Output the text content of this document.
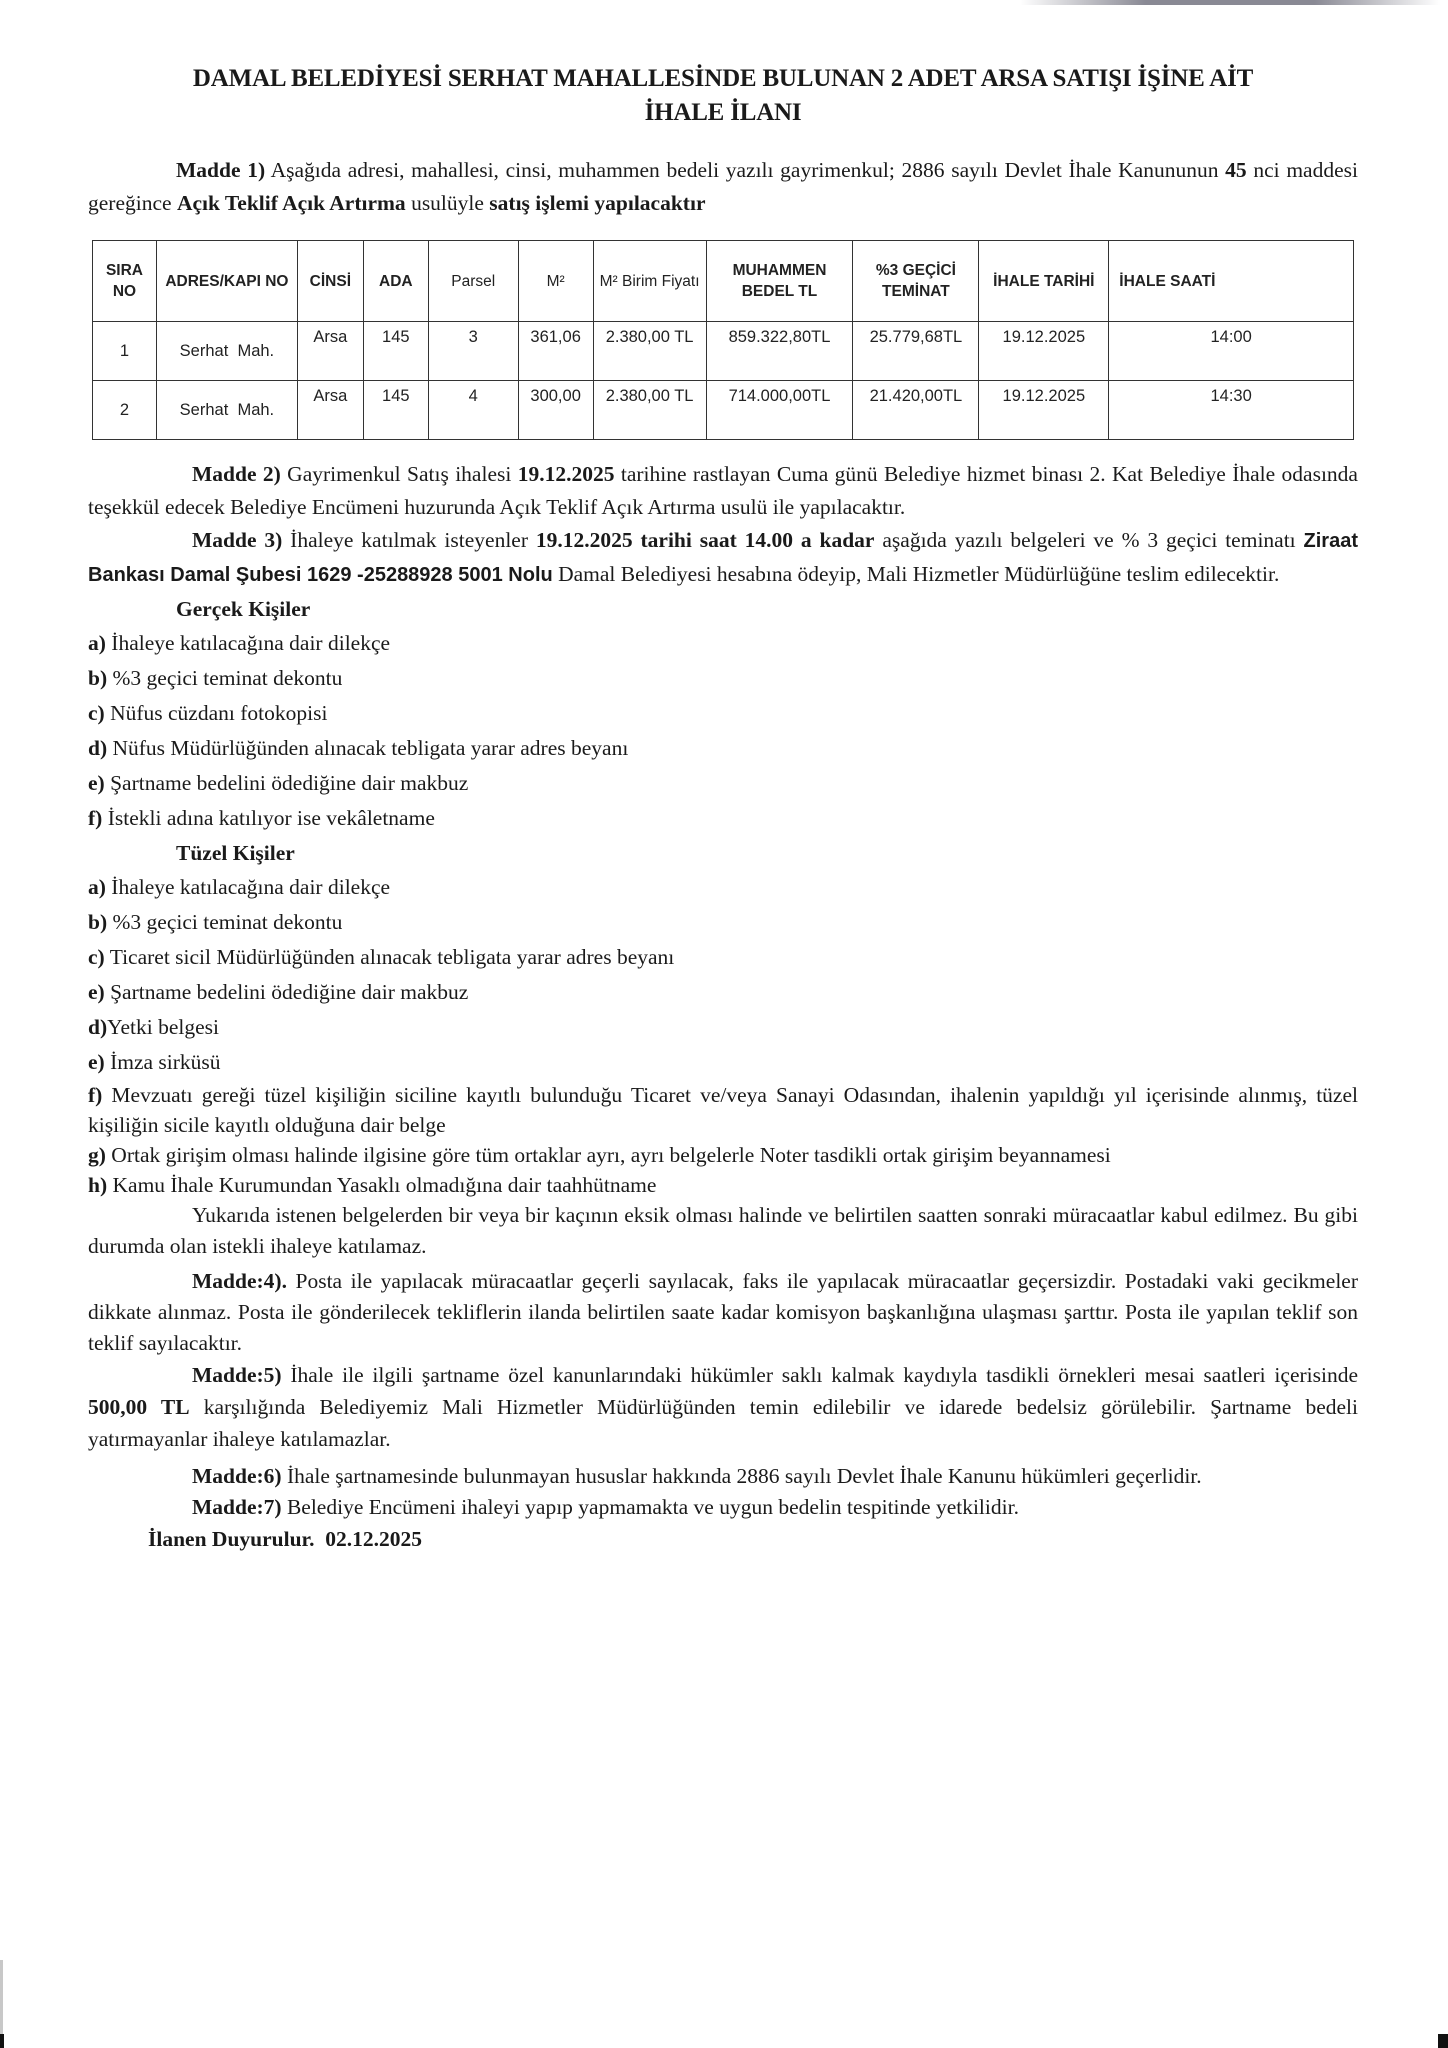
DAMAL BELEDİYESİ SERHAT MAHALLESİNDE BULUNAN 2 ADET ARSA SATIŞI İŞİNE AİT
İHALE İLANI

Madde 1) Aşağıda adresi, mahallesi, cinsi, muhammen bedeli yazılı gayrimenkul; 2886 sayılı Devlet İhale Kanununun 45 nci maddesi gereğince Açık Teklif Açık Artırma usulüyle satış işlemi yapılacaktır

SIRA NO	ADRES/KAPI NO	CİNSİ	ADA	Parsel	M²	M² Birim Fiyatı	MUHAMMEN BEDEL TL	%3 GEÇİCİ TEMİNAT	İHALE TARİHİ	İHALE SAATİ
1	Serhat  Mah.	Arsa	145	3	361,06	2.380,00 TL	859.322,80TL	25.779,68TL	19.12.2025	14:00
2	Serhat  Mah.	Arsa	145	4	300,00	2.380,00 TL	714.000,00TL	21.420,00TL	19.12.2025	14:30

Madde 2) Gayrimenkul Satış ihalesi 19.12.2025 tarihine rastlayan Cuma günü Belediye hizmet binası 2. Kat Belediye İhale odasında teşekkül edecek Belediye Encümeni huzurunda Açık Teklif Açık Artırma usulü ile yapılacaktır.

Madde 3) İhaleye katılmak isteyenler 19.12.2025 tarihi saat 14.00 a kadar aşağıda yazılı belgeleri ve % 3 geçici teminatı Ziraat Bankası Damal Şubesi 1629 -25288928 5001 Nolu Damal Belediyesi hesabına ödeyip, Mali Hizmetler Müdürlüğüne teslim edilecektir.

Gerçek Kişiler

a) İhaleye katılacağına dair dilekçe

b) %3 geçici teminat dekontu

c) Nüfus cüzdanı fotokopisi

d) Nüfus Müdürlüğünden alınacak tebligata yarar adres beyanı

e) Şartname bedelini ödediğine dair makbuz

f) İstekli adına katılıyor ise vekâletname

Tüzel Kişiler

a) İhaleye katılacağına dair dilekçe

b) %3 geçici teminat dekontu

c) Ticaret sicil Müdürlüğünden alınacak tebligata yarar adres beyanı

e) Şartname bedelini ödediğine dair makbuz

d)Yetki belgesi

e) İmza sirküsü

f) Mevzuatı gereği tüzel kişiliğin siciline kayıtlı bulunduğu Ticaret ve/veya Sanayi Odasından, ihalenin yapıldığı yıl içerisinde alınmış, tüzel kişiliğin sicile kayıtlı olduğuna dair belge

g) Ortak girişim olması halinde ilgisine göre tüm ortaklar ayrı, ayrı belgelerle Noter tasdikli ortak girişim beyannamesi

h) Kamu İhale Kurumundan Yasaklı olmadığına dair taahhütname

Yukarıda istenen belgelerden bir veya bir kaçının eksik olması halinde ve belirtilen saatten sonraki müracaatlar kabul edilmez. Bu gibi durumda olan istekli ihaleye katılamaz.

Madde:4). Posta ile yapılacak müracaatlar geçerli sayılacak, faks ile yapılacak müracaatlar geçersizdir. Postadaki vaki gecikmeler dikkate alınmaz. Posta ile gönderilecek tekliflerin ilanda belirtilen saate kadar komisyon başkanlığına ulaşması şarttır. Posta ile yapılan teklif son teklif sayılacaktır.

Madde:5) İhale ile ilgili şartname özel kanunlarındaki hükümler saklı kalmak kaydıyla tasdikli örnekleri mesai saatleri içerisinde 500,00 TL karşılığında Belediyemiz Mali Hizmetler Müdürlüğünden temin edilebilir ve idarede bedelsiz görülebilir. Şartname bedeli yatırmayanlar ihaleye katılamazlar.

Madde:6) İhale şartnamesinde bulunmayan hususlar hakkında 2886 sayılı Devlet İhale Kanunu hükümleri geçerlidir.

Madde:7) Belediye Encümeni ihaleyi yapıp yapmamakta ve uygun bedelin tespitinde yetkilidir.

İlanen Duyurulur.  02.12.2025
